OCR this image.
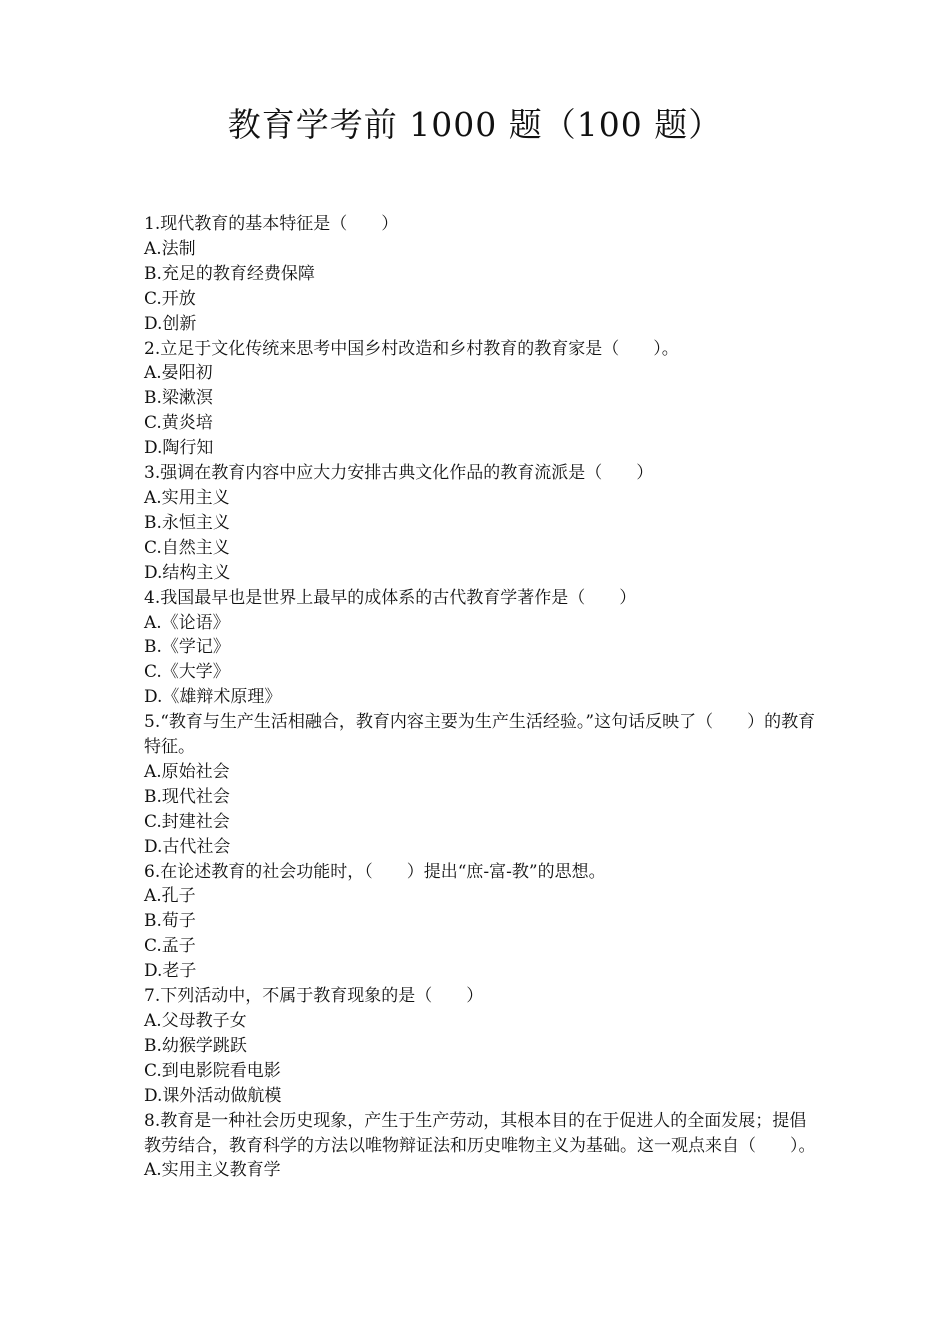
教育学考前 1000 题（100 题）

1.现代教育的基本特征是（　　）

A.法制

B.充足的教育经费保障

C.开放

D.创新

2.立足于文化传统来思考中国乡村改造和乡村教育的教育家是（　　）。

A.晏阳初

B.梁漱溟

C.黄炎培

D.陶行知

3.强调在教育内容中应大力安排古典文化作品的教育流派是（　　）

A.实用主义

B.永恒主义

C.自然主义

D.结构主义

4.我国最早也是世界上最早的成体系的古代教育学著作是（　　）

A.《论语》

B.《学记》

C.《大学》

D.《雄辩术原理》

5.“教育与生产生活相融合，教育内容主要为生产生活经验。”这句话反映了（　　）的教育特征。

A.原始社会

B.现代社会

C.封建社会

D.古代社会

6.在论述教育的社会功能时，（　　）提出“庶-富-教”的思想。

A.孔子

B.荀子

C.孟子

D.老子

7.下列活动中，不属于教育现象的是（　　）

A.父母教子女

B.幼猴学跳跃

C.到电影院看电影

D.课外活动做航模

8.教育是一种社会历史现象，产生于生产劳动，其根本目的在于促进人的全面发展；提倡教劳结合，教育科学的方法以唯物辩证法和历史唯物主义为基础。这一观点来自（　　）。

A.实用主义教育学
